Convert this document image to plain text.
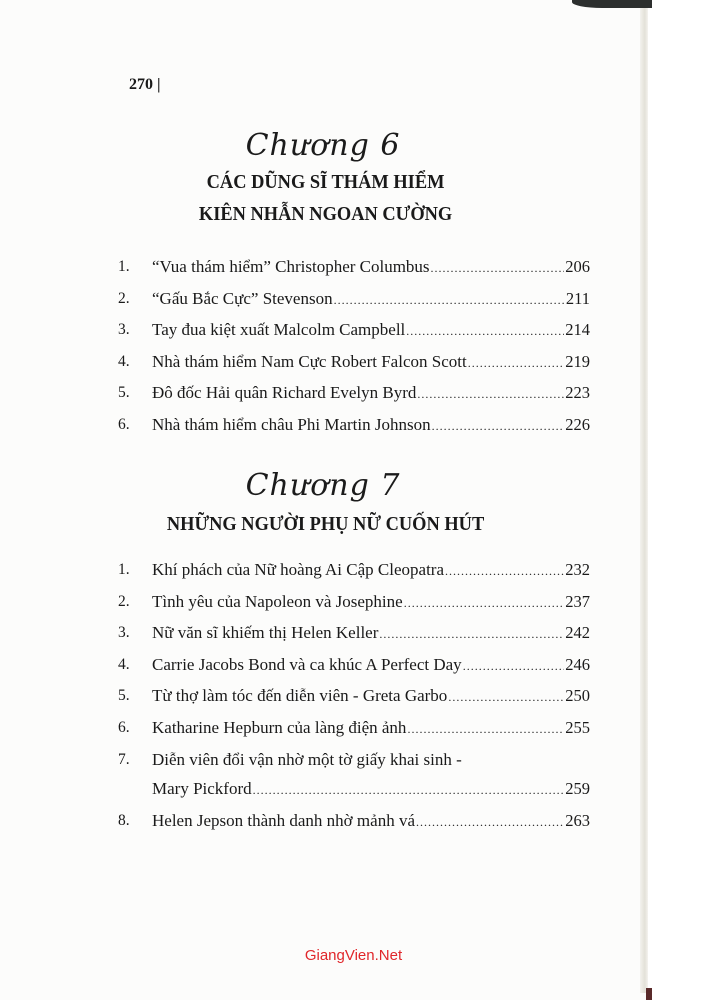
270 |
Chương 6
CÁC DŨNG SĨ THÁM HIỂM
KIÊN NHẪN NGOAN CƯỜNG
1.	“Vua thám hiểm” Christopher Columbus .....	206
2.	“Gấu Bắc Cực” Stevenson .....	211
3.	Tay đua kiệt xuất Malcolm Campbell .....	214
4.	Nhà thám hiểm Nam Cực Robert Falcon Scott .....	219
5.	Đô đốc Hải quân Richard Evelyn Byrd .....	223
6.	Nhà thám hiểm châu Phi Martin Johnson .....	226
Chương 7
NHỮNG NGƯỜI PHỤ NỮ CUỐN HÚT
1.	Khí phách của Nữ hoàng Ai Cập Cleopatra .....	232
2.	Tình yêu của Napoleon và Josephine .....	237
3.	Nữ văn sĩ khiếm thị Helen Keller .....	242
4.	Carrie Jacobs Bond và ca khúc A Perfect Day .....	246
5.	Từ thợ làm tóc đến diễn viên - Greta Garbo .....	250
6.	Katharine Hepburn của làng điện ảnh .....	255
7.	Diễn viên đổi vận nhờ một tờ giấy khai sinh -
Mary Pickford .....	259
8.	Helen Jepson thành danh nhờ mảnh vá .....	263
GiangVien.Net
